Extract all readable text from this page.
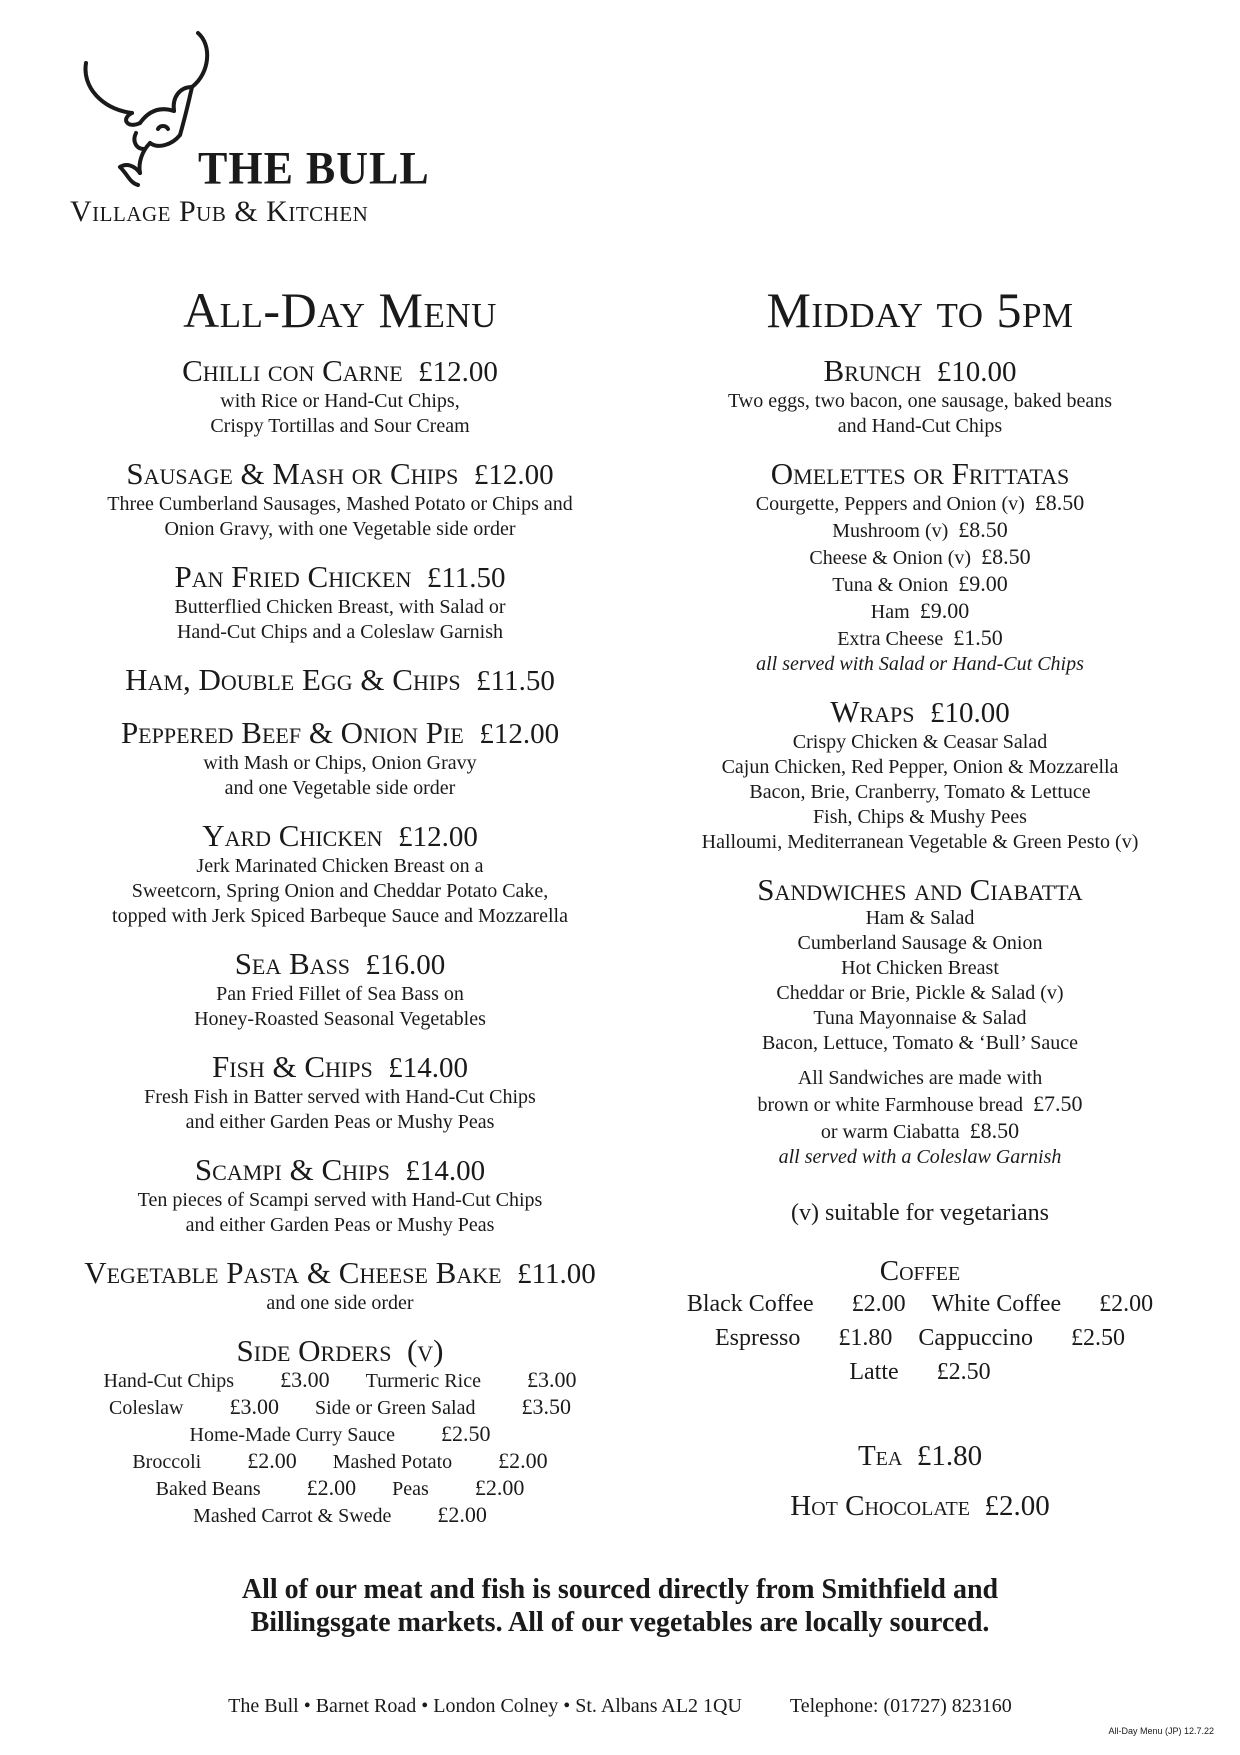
THE BULL
Village Pub & Kitchen
All-Day Menu
Chilli con Carne £12.00
with Rice or Hand-Cut Chips,
Crispy Tortillas and Sour Cream
Sausage & Mash or Chips £12.00
Three Cumberland Sausages, Mashed Potato or Chips and
Onion Gravy, with one Vegetable side order
Pan Fried Chicken £11.50
Butterflied Chicken Breast, with Salad or
Hand-Cut Chips and a Coleslaw Garnish
Ham, Double Egg & Chips £11.50
Peppered Beef & Onion Pie £12.00
with Mash or Chips, Onion Gravy
and one Vegetable side order
Yard Chicken £12.00
Jerk Marinated Chicken Breast on a
Sweetcorn, Spring Onion and Cheddar Potato Cake,
topped with Jerk Spiced Barbeque Sauce and Mozzarella
Sea Bass £16.00
Pan Fried Fillet of Sea Bass on
Honey-Roasted Seasonal Vegetables
Fish & Chips £14.00
Fresh Fish in Batter served with Hand-Cut Chips
and either Garden Peas or Mushy Peas
Scampi & Chips £14.00
Ten pieces of Scampi served with Hand-Cut Chips
and either Garden Peas or Mushy Peas
Vegetable Pasta & Cheese Bake £11.00
and one side order
Side Orders (v)
Hand-Cut Chips £3.00 Turmeric Rice £3.00
Coleslaw £3.00 Side or Green Salad £3.50
Home-Made Curry Sauce £2.50
Broccoli £2.00 Mashed Potato £2.00
Baked Beans £2.00 Peas £2.00
Mashed Carrot & Swede £2.00
Midday to 5pm
Brunch £10.00
Two eggs, two bacon, one sausage, baked beans
and Hand-Cut Chips
Omelettes or Frittatas
Courgette, Peppers and Onion (v) £8.50
Mushroom (v) £8.50
Cheese & Onion (v) £8.50
Tuna & Onion £9.00
Ham £9.00
Extra Cheese £1.50
all served with Salad or Hand-Cut Chips
Wraps £10.00
Crispy Chicken & Ceasar Salad
Cajun Chicken, Red Pepper, Onion & Mozzarella
Bacon, Brie, Cranberry, Tomato & Lettuce
Fish, Chips & Mushy Pees
Halloumi, Mediterranean Vegetable & Green Pesto (v)
Sandwiches and Ciabatta
Ham & Salad
Cumberland Sausage & Onion
Hot Chicken Breast
Cheddar or Brie, Pickle & Salad (v)
Tuna Mayonnaise & Salad
Bacon, Lettuce, Tomato & ‘Bull’ Sauce
All Sandwiches are made with
brown or white Farmhouse bread £7.50
or warm Ciabatta £8.50
all served with a Coleslaw Garnish
(v) suitable for vegetarians
Coffee
Black Coffee £2.00 White Coffee £2.00
Espresso £1.80 Cappuccino £2.50
Latte £2.50
Tea £1.80
Hot Chocolate £2.00
All of our meat and fish is sourced directly from Smithfield and
Billingsgate markets. All of our vegetables are locally sourced.
The Bull • Barnet Road • London Colney • St. Albans AL2 1QU Telephone: (01727) 823160
All-Day Menu (JP) 12.7.22
